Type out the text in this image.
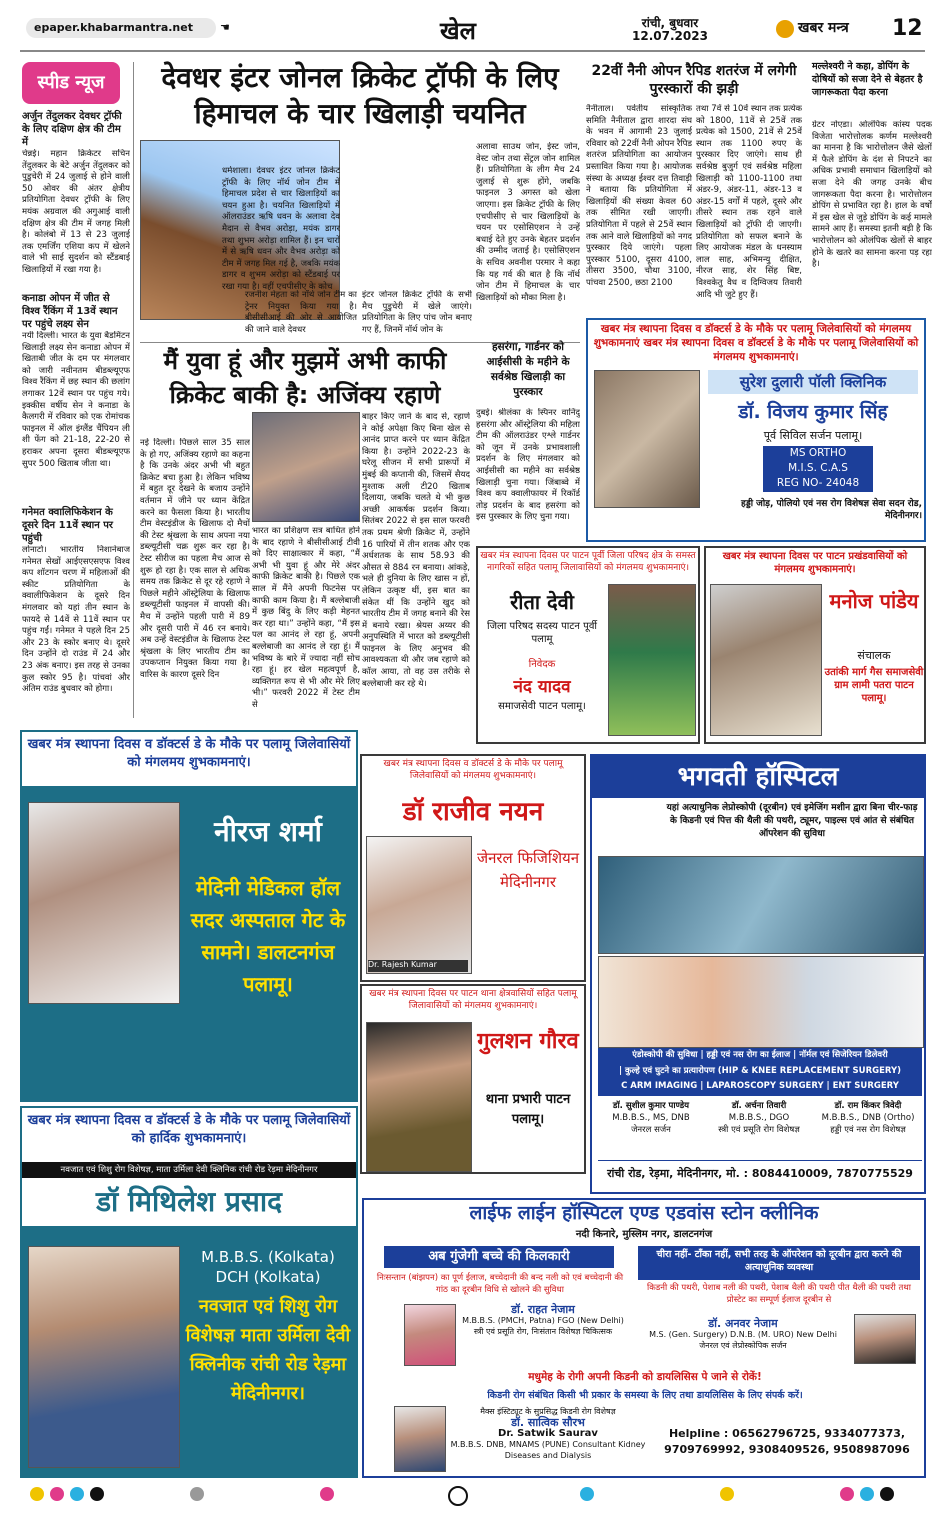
epaper.khabarmantra.net	☚	खेल	रांची, बुधवार
12.07.2023	खबर मन्त्र	12
स्पीड न्यूज
अर्जुन तेंदुलकर देवधर ट्रॉफी के लिए दक्षिण क्षेत्र की टीम में
चेन्नई। महान क्रिकेटर सचिन तेंदुलकर के बेटे अर्जुन तेंदुलकर को पुडुचेरी में 24 जुलाई से होने वाली 50 ओवर की अंतर क्षेत्रीय प्रतियोगिता देवधर ट्रॉफी के लिए मयंक अग्रवाल की अगुआई वाली दक्षिण क्षेत्र की टीम में जगह मिली है। कोलंबो में 13 से 23 जुलाई तक एमर्जिंग एशिया कप में खेलने वाले भी साई सुदर्शन को स्टैंडबाई खिलाड़ियों में रखा गया है।
कनाडा ओपन में जीत से विश्व रैंकिंग में 13वें स्थान पर पहुंचे लक्ष्य सेन
नयी दिल्ली। भारत के युवा बैडमिंटन खिलाड़ी लक्ष्य सेन कनाडा ओपन में खिताबी जीत के दम पर मंगलवार को जारी नवीनतम बीडब्ल्यूएफ विश्व रैंकिंग में छह स्थान की छलांग लगाकर 12वें स्थान पर पहुंच गये। इक्कीस वर्षीय सेन ने कनाडा के कैलगरी में रविवार को एक रोमांचक फाइनल में ऑल इंग्लैंड चैंपियन ली शी फेंग को 21-18, 22-20 से हराकर अपना दूसरा बीडब्ल्यूएफ सुपर 500 खिताब जीता था।
गनेमत क्वालिफिकेशन के दूसरे दिन 11वें स्थान पर पहुंची
लोनाटो। भारतीय निशानेबाज गनेमत सेखों आईएसएसएफ विश्व कप शॉटगन चरण में महिलाओं की स्कीट प्रतियोगिता के क्वालीफिकेशन के दूसरे दिन मंगलवार को यहां तीन स्थान के फायदे से 14वें से 11वें स्थान पर पहुंच गईं। गनेमत ने पहले दिन 25 और 23 के स्कोर बनाए थे। दूसरे दिन उन्होंने दो राउंड में 24 और 23 अंक बनाए। इस तरह से उनका कुल स्कोर 95 है। पांचवां और अंतिम राउंड बुधवार को होगा।
देवधर इंटर जोनल क्रिकेट ट्रॉफी के लिए हिमाचल के चार खिलाड़ी चयनित
धर्मशाला। देवधर इंटर जोनल क्रिकेट ट्रॉफी के लिए नॉर्थ जोन टीम में हिमाचल प्रदेश से चार खिलाड़ियों का चयन हुआ है। चयनित खिलाड़ियों में ऑलराउंडर ऋषि धवन के अलावा देव मैदान से वैभव अरोड़ा, मयंक डागर तथा शुभम अरोड़ा शामिल हैं। इन चारों में से ऋषि धवन और वैभव अरोड़ा को टीम में जगह मिल गई है, जबकि मयंक डागर व शुभम अरोड़ा को स्टैंडबाई पर रखा गया है। वहीं एचपीसीए के कोच
रजनीश मेहता को नॉर्थ जोन टीम का ट्रेनर नियुक्त किया गया है। बीसीसीआई की ओर से आयोजित की जाने वाले देवधर
इंटर जोनल क्रिकेट ट्रॉफी के सभी मैच पुडुचेरी में खेले जाएंगे। प्रतियोगिता के लिए पांच जोन बनाए गए हैं, जिनमें नॉर्थ जोन के
अलावा साउथ जोन, ईस्ट जोन, वेस्ट जोन तथा सेंट्रल जोन शामिल हैं। प्रतियोगिता के लीग मैच 24 जुलाई से शुरू होंगे, जबकि फाइनल 3 अगस्त को खेला जाएगा। इस क्रिकेट ट्रॉफी के लिए एचपीसीए से चार खिलाड़ियों के चयन पर एसोसिएशन ने उन्हें बधाई देते हुए उनके बेहतर प्रदर्शन की उम्मीद जताई है। एसोसिएशन के सचिव अवनीश परमार ने कहा कि यह गर्व की बात है कि नॉर्थ जोन टीम में हिमाचल के चार खिलाड़ियों को मौका मिला है।
मैं युवा हूं और मुझमें अभी काफी क्रिकेट बाकी है: अजिंक्य रहाणे
नई दिल्ली। पिछले साल 35 साल के हो गए, अजिंक्य रहाणे का कहना है कि उनके अंदर अभी भी बहुत क्रिकेट बचा हुआ है। लेकिन भविष्य में बहुत दूर देखने के बजाय उन्होंने वर्तमान में जीने पर ध्यान केंद्रित करने का फैसला किया है। भारतीय टीम वेस्टइंडीज के खिलाफ दो मैचों की टेस्ट श्रृंखला के साथ अपना नया डब्ल्यूटीसी चक्र शुरू कर रहा है। टेस्ट सीरीज का पहला मैच आज से शुरू हो रहा है। एक साल से अधिक समय तक क्रिकेट से दूर रहे रहाणे ने पिछले महीने ऑस्ट्रेलिया के खिलाफ डब्ल्यूटीसी फाइनल में वापसी की। मैच में उन्होंने पहली पारी में 89 और दूसरी पारी में 46 रन बनाये। अब उन्हें वेस्टइंडीज के खिलाफ टेस्ट श्रृंखला के लिए भारतीय टीम का उपकप्तान नियुक्त किया गया है। वारिस के कारण दूसरे दिन
भारत का प्रशिक्षण सत्र बाधित होने के बाद रहाणे ने बीसीसीआई टीवी को दिए साक्षात्कार में कहा, “मैं अभी भी युवा हूं और मेरे अंदर काफी क्रिकेट बाकी है। पिछले एक साल में मैंने अपनी फिटनेस पर काफी काम किया है। मैं बल्लेबाजी में कुछ बिंदु के लिए कड़ी मेहनत कर रहा था।” उन्होंने कहा, “मैं इस पल का आनंद ले रहा हूं, अपनी बल्लेबाजी का आनंद ले रहा हूं। मैं भविष्य के बारे में ज्यादा नहीं सोच रहा हूं। हर खेल महत्वपूर्ण है, व्यक्तिगत रूप से भी और मेरे लिए भी।” फरवरी 2022 में टेस्ट टीम से
बाहर किए जाने के बाद से, रहाणे ने कोई अपेक्षा किए बिना खेल से आनंद प्राप्त करने पर ध्यान केंद्रित किया है। उन्होंने 2022-23 के घरेलू सीजन में सभी प्रारूपों में मुंबई की कप्तानी की, जिसमें सैयद मुश्ताक अली टी20 खिताब दिलाया, जबकि चलते थे भी कुछ अच्छी आकर्षक प्रदर्शन किया। सितंबर 2022 से इस साल फरवरी तक प्रथम श्रेणी क्रिकेट में, उन्होंने 16 पारियों में तीन शतक और एक अर्धशतक के साथ 58.93 की औसत से 884 रन बनाया। आंकड़े, भले ही दुनिया के लिए खास न हों, लेकिन उत्कृष्ट थीं, इस बात का संकेत थीं कि उन्होंने खुद को भारतीय टीम में जगह बनाने की रेस में बनाये रखा। श्रेयस अय्यर की अनुपस्थिति में भारत को डब्ल्यूटीसी फाइनल के लिए अनुभव की आवश्यकता थी और जब रहाणे को कॉल आया, तो वह उस तरीके से बल्लेबाजी कर रहे थे।
हसरंगा, गार्डनर को आईसीसी के महीने के सर्वश्रेष्ठ खिलाड़ी का पुरस्कार
दुबई। श्रीलंका के स्पिनर वानिंदु हसरंगा और ऑस्ट्रेलिया की महिला टीम की ऑलराउंडर एश्ले गार्डनर को जून में उनके प्रभावशाली प्रदर्शन के लिए मंगलवार को आईसीसी का महीने का सर्वश्रेष्ठ खिलाड़ी चुना गया। जिंबाब्वे में विश्व कप क्वालीफायर में रिकॉर्ड तोड़ प्रदर्शन के बाद हसरंगा को इस पुरस्कार के लिए चुना गया।
22वीं नैनी ओपन रैपिड शतरंज में लगेगी पुरस्कारों की झड़ी
नैनीताल। पर्वतीय सांस्कृतिक समिति नैनीताल द्वारा शारदा संघ के भवन में आगामी 23 जुलाई रविवार को 22वीं नैनी ओपन रैपिड शतरंज प्रतियोगिता का आयोजन प्रस्तावित किया गया है। आयोजक संस्था के अध्यक्ष ईश्वर दत्त तिवाड़ी ने बताया कि प्रतियोगिता में खिलाड़ियों की संख्या केवल 60 तक सीमित रखी जाएगी। प्रतियोगिता में पहले से 25वें स्थान तक आने वाले खिलाड़ियों को नगद पुरस्कार दिये जाएंगे। पहला पुरस्कार 5100, दूसरा 4100, तीसरा 3500, चौथा 3100, पांचवा 2500, छठा 2100
तथा 7वें से 10वें स्थान तक प्रत्येक को 1800, 11वें से 25वें तक प्रत्येक को 1500, 21वें से 25वें स्थान तक 1100 रुपए के पुरस्कार दिए जाएंगे। साथ ही सर्वश्रेष्ठ बुजुर्ग एवं सर्वश्रेष्ठ महिला खिलाड़ी को 1100-1100 तथा अंडर-9, अंडर-11, अंडर-13 व अंडर-15 वर्गों में पहले, दूसरे और तीसरे स्थान तक रहने वाले खिलाड़ियों को ट्रॉफी दी जाएगी। प्रतियोगिता को सफल बनाने के लिए आयोजक मंडल के धनस्याम लाल साह, अभिमन्यु दीक्षित, नीरज साह, शेर सिंह बिष्ट, विश्वकेतु वैध व दिग्विजय तिवारी आदि भी जुटे हुए हैं।
मल्लेश्वरी ने कहा, डोपिंग के दोषियों को सजा देने से बेहतर है जागरूकता पैदा करना
ग्रेटर नोएडा। ओलंपिक कांस्य पदक विजेता भारोत्तोलक कर्णम मल्लेश्वरी का मानना है कि भारोत्तोलन जैसे खेलों में फैले डोपिंग के दंश से निपटने का अधिक प्रभावी समाधान खिलाड़ियों को सजा देने की जगह उनके बीच जागरूकता पैदा करना है। भारोत्तोलन डोपिंग से प्रभावित रहा है। हाल के वर्षों में इस खेल से जुड़े डोपिंग के कई मामले सामने आए हैं। समस्या इतनी बड़ी है कि भारोत्तोलन को ओलंपिक खेलों से बाहर होने के खतरे का सामना करना पड़ रहा है।
खबर मंत्र स्थापना दिवस व डॉक्टर्स डे के मौके पर पलामू जिलेवासियों को मंगलमय शुभकामनाएं खबर मंत्र स्थापना दिवस व डॉक्टर्स डे के मौके पर पलामू जिलेवासियों को मंगलमय शुभकामनाएं।
सुरेश दुलारी पॉली क्लिनिक
डॉ. विजय कुमार सिंह
पूर्व सिविल सर्जन पलामू।
MS ORTHO
M.I.S. C.A.S
REG NO- 24048
हड्डी जोड़, पोलियो एवं नस रोग विशेषज्ञ सेवा सदन रोड, मेदिनीनगर।
खबर मंत्र स्थापना दिवस पर पाटन पूर्वी जिला परिषद क्षेत्र के समस्त नागरिकों सहित पलामू जिलावासियों को मंगलमय शुभकामनाएं।
रीता देवी
जिला परिषद सदस्य पाटन पूर्वी पलामू
निवेदक
नंद यादव
समाजसेवी पाटन पलामू।
खबर मंत्र स्थापना दिवस पर पाटन प्रखंडवासियों को मंगलमय शुभकामनाएं।
मनोज पांडेय
संचालक
उतांकी मार्ग गैस समाजसेवी ग्राम लामी पतरा पाटन पलामू।
खबर मंत्र स्थापना दिवस व डॉक्टर्स डे के मौके पर पलामू जिलेवासियों को मंगलमय शुभकामनाएं।
नीरज शर्मा
मेदिनी मेडिकल हॉल सदर अस्पताल गेट के सामने। डालटनगंज पलामू।
खबर मंत्र स्थापना दिवस व डॉक्टर्स डे के मौके पर पलामू जिलेवासियों को मंगलमय शुभकामनाएं।
डॉ राजीव नयन
Dr. Rajesh Kumar
जेनरल फिजिशियन मेदिनीनगर
खबर मंत्र स्थापना दिवस पर पाटन थाना क्षेत्रवासियों सहित पलामू जिलावासियों को मंगलमय शुभकामनाएं।
गुलशन गौरव
थाना प्रभारी पाटन पलामू।
भगवती हॉस्पिटल
यहां अत्याधुनिक लेप्रोस्कोपी (दूरबीन) एवं इमेजिंग मशीन द्वारा बिना चीर-फाड़ के किडनी एवं पित्त की थैली की पथरी, ट्यूमर, पाइल्स एवं आंत से संबंधित ऑपरेशन की सुविधा
एंडोस्कोपी की सुविधा | हड्डी एवं नस रोग का ईलाज | नॉर्मल एवं सिजेरियन डिलेवरी
| कुल्हे एवं घुटने का प्रत्यारोपण (HIP & KNEE REPLACEMENT SURGERY)
C ARM IMAGING | LAPAROSCOPY SURGERY | ENT SURGERY
डॉ. सुशील कुमार पाण्डेय
M.B.B.S., MS, DNB
जेनरल सर्जन
डॉ. अर्चना तिवारी
M.B.B.S., DGO
स्त्री एवं प्रसूति रोग विशेषज्ञ
डॉ. राम किंकर त्रिवेदी
M.B.B.S., DNB (Ortho)
हड्डी एवं नस रोग विशेषज्ञ
रांची रोड, रेड़मा, मेदिनीनगर, मो. : 8084410009, 7870775529
खबर मंत्र स्थापना दिवस व डॉक्टर्स डे के मौके पर पलामू जिलेवासियों को हार्दिक शुभकामनाएं।
नवजात एवं शिशु रोग विशेषज्ञ, माता उर्मिला देवी क्लिनिक रांची रोड रेड़मा मेदिनीनगर
डॉ मिथिलेश प्रसाद
M.B.B.S. (Kolkata)
DCH (Kolkata)
नवजात एवं शिशु रोग विशेषज्ञ माता उर्मिला देवी क्लिनीक रांची रोड रेड़मा मेदिनीनगर।
लाईफ लाईन हॉस्पिटल एण्ड एडवांस स्टोन क्लीनिक
नदी किनारे, मुस्लिम नगर, डालटनगंज
अब गुंजेगी बच्चे की किलकारी
निःसन्तान (बांझपन) का पूर्ण ईलाज, बच्चेदानी की बन्द नली को एवं बच्चेदानी की गांठ का दूरबीन विधि से खोलने की सुविधा
डॉ. राहत नेजाम
M.B.B.S. (PMCH, Patna) FGO (New Delhi)
स्त्री एवं प्रसूति रोग, निःसंतान विशेषज्ञ चिकित्सक
चीरा नहीं- टाँका नहीं, सभी तरह के ऑपरेशन को दूरबीन द्वारा करने की अत्याधुनिक व्यवस्था
किडनी की पथरी, पेशाब नली की पथरी, पेशाब थैली की पथरी पीत थैली की पथरी तथा प्रोस्टेट का सम्पूर्ण ईलाज दूरबीन से
डॉ. अनवर नेजाम
M.S. (Gen. Surgery) D.N.B. (M. URO) New Delhi
जेनरल एवं लेप्रोस्कोपिक सर्जन
मधुमेह के रोगी अपनी किडनी को डायलिसिस पे जाने से रोकें!
किडनी रोग संबंधित किसी भी प्रकार के समस्या के लिए तथा डायलिसिस के लिए संपर्क करें।
मैक्स इंस्टिट्यूट के सुप्रसिद्ध किडनी रोग विशेषज्ञ
डॉ. सात्विक सौरभ
Dr. Satwik Saurav
M.B.B.S. DNB, MNAMS (PUNE) Consultant Kidney Diseases and Dialysis
Helpline : 06562796725, 9334077373, 9709769992, 9308409526, 9508987096
